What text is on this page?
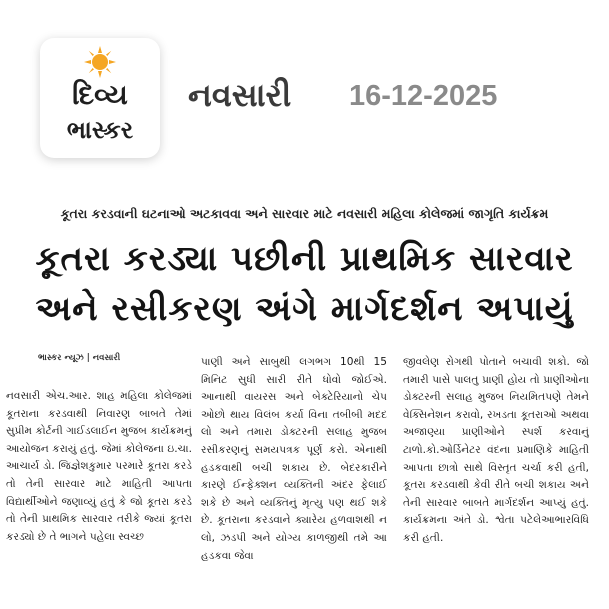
દિવ્ય
ભાસ્કર
નવસારી 16-12-2025
કૂતરા કરડવાની ઘટનાઓ અટકાવવા અને સારવાર માટે નવસારી મહિલા કોલેજમાં જાગૃતિ કાર્યક્રમ
કૂતરા કરડ્યા પછીની પ્રાથમિક સારવાર
અને રસીકરણ અંગે માર્ગદર્શન અપાયું
ભાસ્કર ન્યૂઝ | નવસારી
નવસારી એચ.આર. શાહ મહિલા કોલેજમાં કૂતરાના કરડવાથી નિવારણ બાબતે તેમાં સુપ્રીમ કોર્ટની ગાઈડલાઈન મુજબ કાર્યક્રમનું આયોજન કરાયું હતું. જેમાં કોલેજના ઇ.ચા. આચાર્ય ડો. જિજ્ઞેશકુમાર પરમારે કૂતરા કરડે તો તેની સારવાર માટે માહિતી આપતા વિદ્યાર્થીઓને જણાવ્યું હતું કે જો કૂતરા કરડે તો તેની પ્રાથમિક સારવાર તરીકે જ્યાં કૂતરા કરડ્યો છે તે ભાગને પહેલા સ્વચ્છ
પાણી અને સાબુથી લગભગ 10થી 15 મિનિટ સુધી સારી રીતે ધોવો જોઈએ. આનાથી વાયરસ અને બેક્ટેરિયાનો ચેપ ઓછો થાય વિલંબ કર્યા વિના તબીબી મદદ લો અને તમારા ડોક્ટરની સલાહ મુજબ રસીકરણનું સમયપત્રક પૂર્ણ કરો. એનાથી હડકવાથી બચી શકાય છે. બેદરકારીને કારણે ઈન્ફેક્શન વ્યક્તિની અંદર ફેલાઈ શકે છે અને વ્યક્તિનું મૃત્યુ પણ થઈ શકે છે. કૂતરાના કરડવાને ક્યારેય હળવાશથી ન લો, ઝડપી અને યોગ્ય કાળજીથી તમે આ હડકવા જેવા
જીવલેણ રોગથી પોતાને બચાવી શકો. જો તમારી પાસે પાલતુ પ્રાણી હોય તો પ્રાણીઓના ડોક્ટરની સલાહ મુજબ નિયમિતપણે તેમને વેક્સિનેશન કરાવો, રખડતા કૂતરાઓ અથવા અજાણ્યા પ્રાણીઓને સ્પર્શ કરવાનું ટાળો.કો.ઓર્ડિનેટર વંદના પ્રમાણિકે માહિતી આપતા છાત્રો સાથે વિસ્તૃત ચર્ચા કરી હતી, કૂતરા કરડવાથી કેવી રીતે બચી શકાય અને તેની સારવાર બાબતે માર્ગદર્શન આપ્યું હતું. કાર્યક્રમના અંતે ડો. શ્વેતા પટેલેઆભારવિધિ કરી હતી.
